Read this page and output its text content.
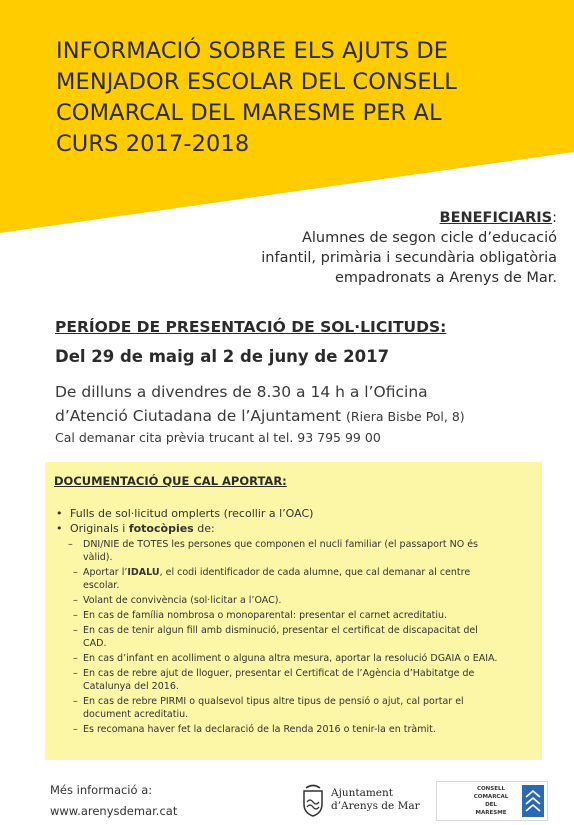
INFORMACIÓ SOBRE ELS AJUTS DE
MENJADOR ESCOLAR DEL CONSELL
COMARCAL DEL MARESME PER AL
CURS 2017-2018
BENEFICIARIS:
Alumnes de segon cicle d’educació
infantil, primària i secundària obligatòria
empadronats a Arenys de Mar.
PERÍODE DE PRESENTACIÓ DE SOL·LICITUDS:
Del 29 de maig al 2 de juny de 2017
De dilluns a divendres de 8.30 a 14 h a l’Oficina
d’Atenció Ciutadana de l’Ajuntament (Riera Bisbe Pol, 8)
Cal demanar cita prèvia trucant al tel. 93 795 99 00
DOCUMENTACIÓ QUE CAL APORTAR:
• Fulls de sol·licitud omplerts (recollir a l’OAC)
• Originals i fotocòpies de:
– DNI/NIE de TOTES les persones que componen el nucli familiar (el passaport NO és
vàlid).
– Aportar l’IDALU, el codi identificador de cada alumne, que cal demanar al centre
escolar.
– Volant de convivència (sol·licitar a l’OAC).
– En cas de família nombrosa o monoparental: presentar el carnet acreditatiu.
– En cas de tenir algun fill amb disminució, presentar el certificat de discapacitat del
CAD.
– En cas d’infant en acolliment o alguna altra mesura, aportar la resolució DGAIA o EAIA.
– En cas de rebre ajut de lloguer, presentar el Certificat de l’Agència d’Habitatge de
Catalunya del 2016.
– En cas de rebre PIRMI o qualsevol tipus altre tipus de pensió o ajut, cal portar el
document acreditatiu.
– Es recomana haver fet la declaració de la Renda 2016 o tenir-la en tràmit.
Més informació a:
www.arenysdemar.cat
Ajuntament
d’Arenys de Mar
CONSELL
COMARCAL
DEL
MARESME
